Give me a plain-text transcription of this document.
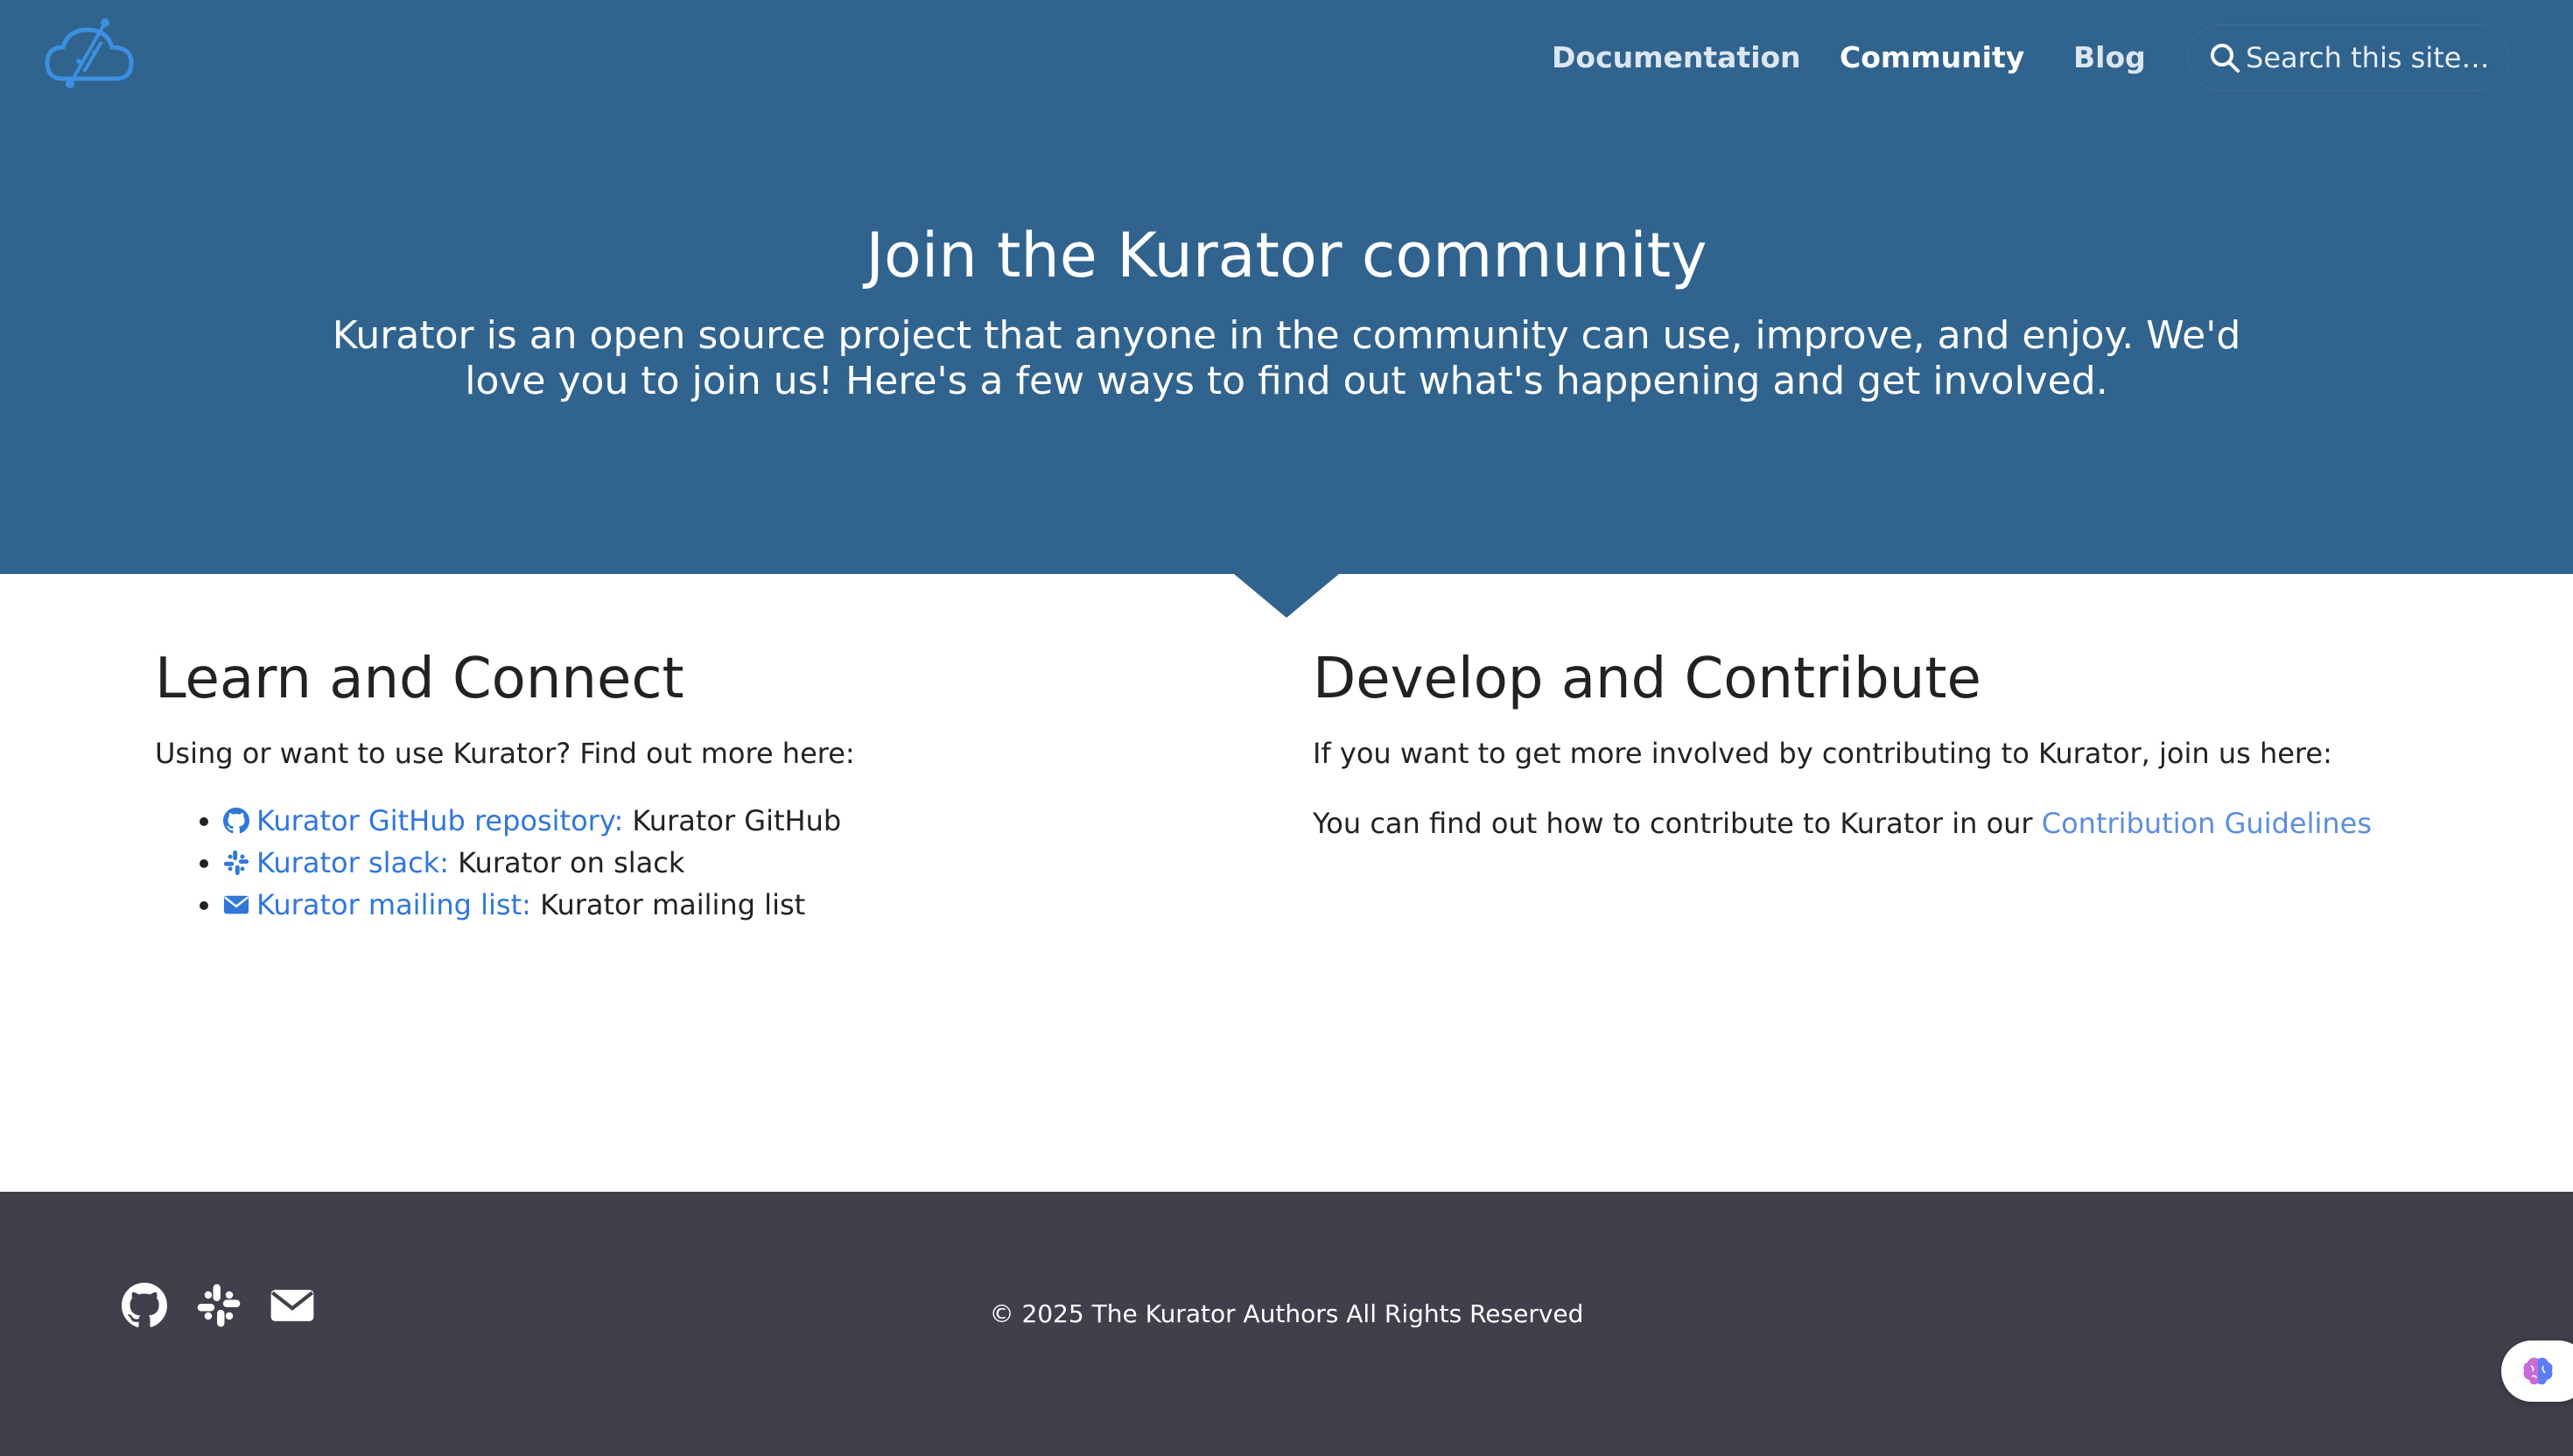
Documentation Community Blog
Search this site…
Join the Kurator community

Kurator is an open source project that anyone in the community can use, improve, and enjoy. We'd love you to join us! Here's a few ways to find out what's happening and get involved.

Learn and Connect

Using or want to use Kurator? Find out more here:

• Kurator GitHub repository: Kurator GitHub
• Kurator slack: Kurator on slack
• Kurator mailing list: Kurator mailing list
Develop and Contribute

If you want to get more involved by contributing to Kurator, join us here:

You can find out how to contribute to Kurator in our Contribution Guidelines

© 2025 The Kurator Authors All Rights Reserved
